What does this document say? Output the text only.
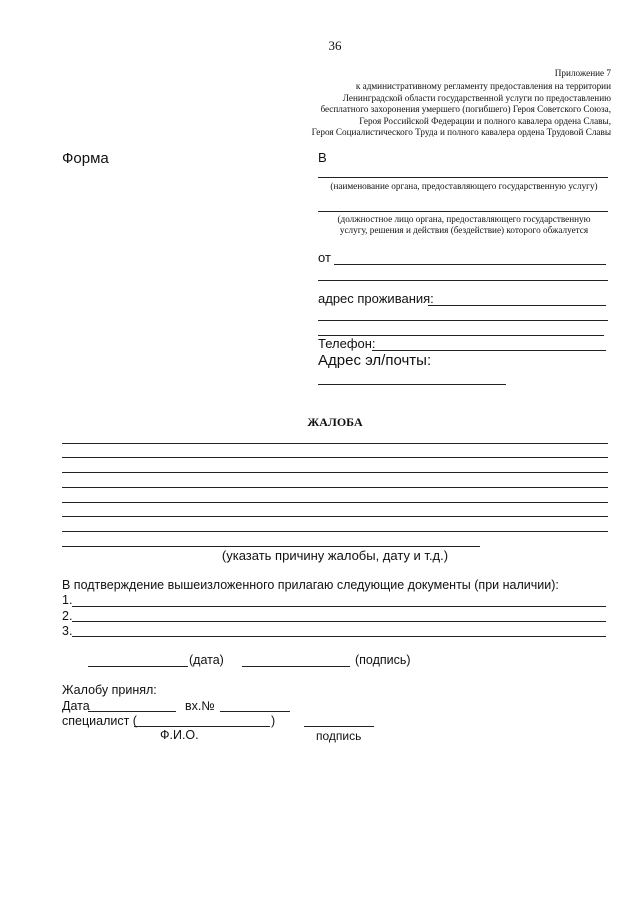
36
Приложение 7
к административному регламенту предоставления на территории
Ленинградской области государственной услуги по предоставлению
бесплатного захоронения умершего (погибшего) Героя Советского Союза,
Героя Российской Федерации и полного кавалера ордена Славы,
Героя Социалистического Труда и полного кавалера ордена Трудовой Славы
Форма	В
(наименование органа, предоставляющего государственную услугу)
(должностное лицо органа, предоставляющего государственную
услугу, решения и действия (бездействие) которого обжалуется
от
адрес проживания:
Телефон:
Адрес эл/почты:
ЖАЛОБА
(указать причину жалобы, дату и т.д.)
В подтверждение вышеизложенного прилагаю следующие документы (при наличии):
1.
2.
3.
(дата)	(подпись)
Жалобу принял:
Дата	вх.№
специалист (	)
Ф.И.О.	подпись
